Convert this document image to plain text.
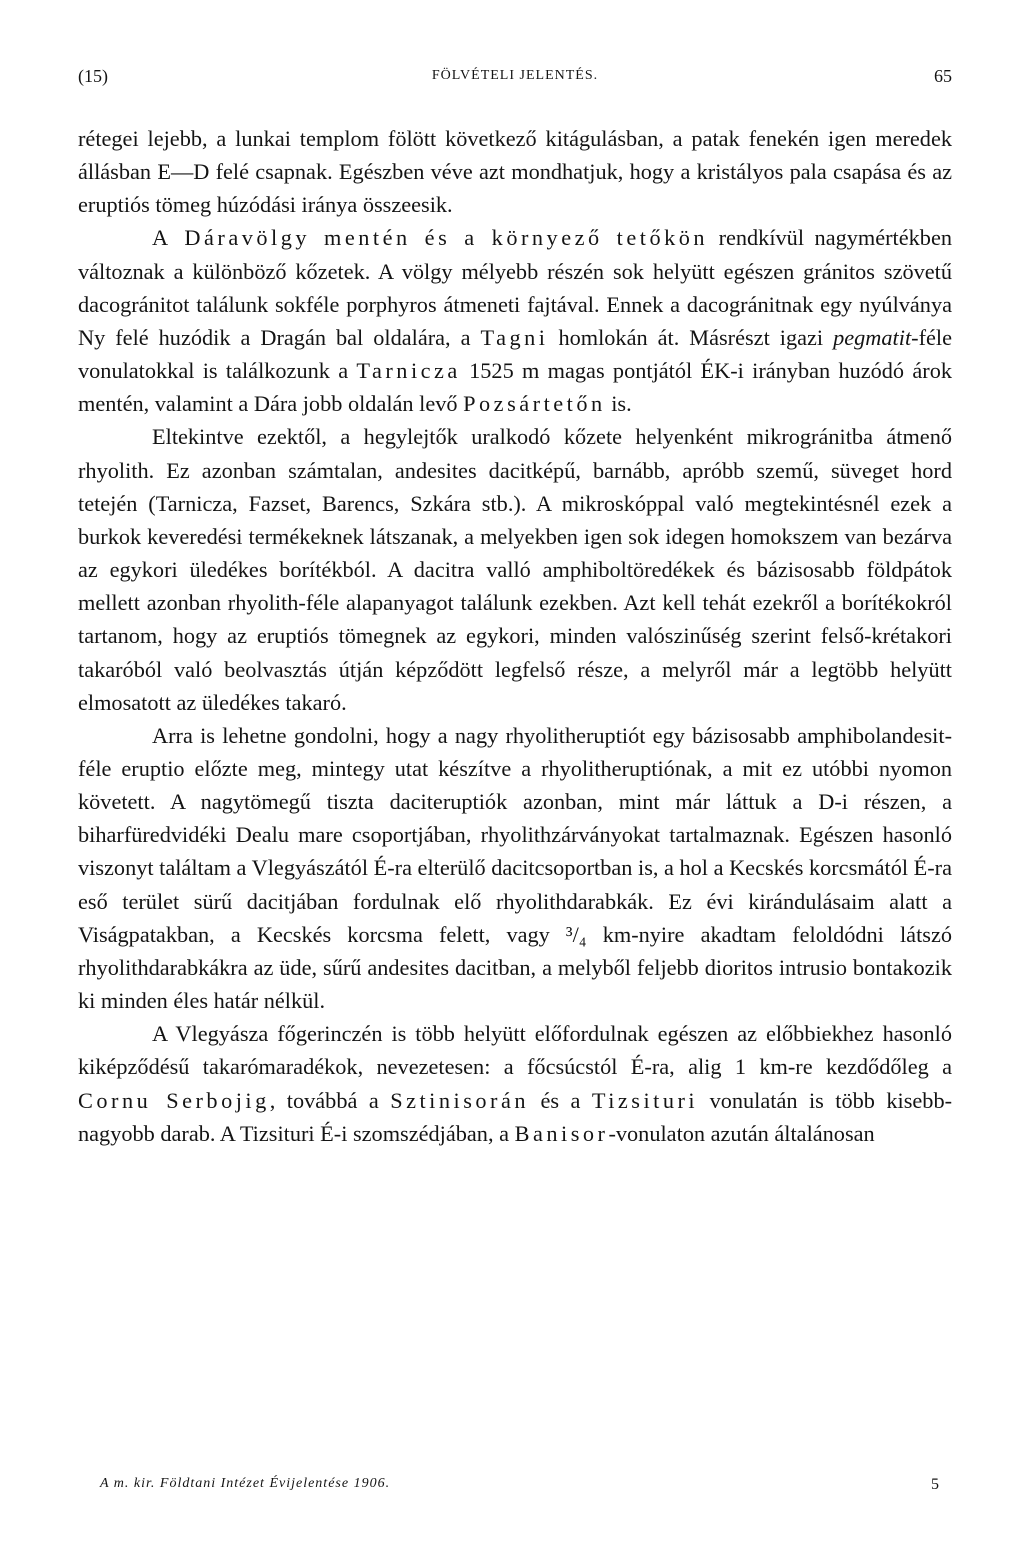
(15)	FÖLVÉTELI JELENTÉS.	65

rétegei lejebb, a lunkai templom fölött következő kitágulásban, a patak fenekén igen meredek állásban E—D felé csapnak. Egészben véve azt mondhatjuk, hogy a kristályos pala csapása és az eruptiós tömeg húzódási iránya összeesik.

A Dáravölgy mentén és a környező tetőkön rendkívül nagymértékben változnak a különböző kőzetek. A völgy mélyebb részén sok helyütt egészen gránitos szövetű dacogránitot találunk sokféle porphyros átmeneti fajtával. Ennek a dacogránitnak egy nyúlványa Ny felé huzódik a Dragán bal oldalára, a Tagni homlokán át. Másrészt igazi pegmatit-féle vonulatokkal is találkozunk a Tarnicza 1525 m magas pontjától ÉK-i irányban huzódó árok mentén, valamint a Dára jobb oldalán levő Pozsártetőn is.

Eltekintve ezektől, a hegylejtők uralkodó kőzete helyenként mikrogránitba átmenő rhyolith. Ez azonban számtalan, andesites dacitképű, barnább, apróbb szemű, süveget hord tetején (Tarnicza, Fazset, Barencs, Szkára stb.). A mikroskóppal való megtekintésnél ezek a burkok keveredési termékeknek látszanak, a melyekben igen sok idegen homokszem van bezárva az egykori üledékes borítékból. A dacitra valló amphiboltöredékek és bázisosabb földpátok mellett azonban rhyolith-féle alapanyagot találunk ezekben. Azt kell tehát ezekről a borítékokról tartanom, hogy az eruptiós tömegnek az egykori, minden valószinűség szerint felső-krétakori takaróból való beolvasztás útján képződött legfelső része, a melyről már a legtöbb helyütt elmosatott az üledékes takaró.

Arra is lehetne gondolni, hogy a nagy rhyolitheruptiót egy bázisosabb amphibolandesit-féle eruptio előzte meg, mintegy utat készítve a rhyolitheruptiónak, a mit ez utóbbi nyomon követett. A nagytömegű tiszta daciteruptiók azonban, mint már láttuk a D-i részen, a biharfüredvidéki Dealu mare csoportjában, rhyolithzárványokat tartalmaznak. Egészen hasonló viszonyt találtam a Vlegyászától É-ra elterülő dacitcsoportban is, a hol a Kecskés korcsmától É-ra eső terület sürű dacitjában fordulnak elő rhyolithdarabkák. Ez évi kirándulásaim alatt a Viságpatakban, a Kecskés korcsma felett, vagy ³/₄ km-nyire akadtam feloldódni látszó rhyolithdarabkákra az üde, sűrű andesites dacitban, a melyből feljebb dioritos intrusio bontakozik ki minden éles határ nélkül.

A Vlegyásza főgerinczén is több helyütt előfordulnak egészen az előbbiekhez hasonló kiképződésű takarómaradékok, nevezetesen: a főcsúcstól É-ra, alig 1 km-re kezdődőleg a Cornu Serbojig, továbbá a Sztinisorán és a Tizsituri vonulatán is több kisebb-nagyobb darab. A Tizsituri É-i szomszédjában, a Banisor-vonulaton azután általánosan

A m. kir. Földtani Intézet Évijelentése 1906.	5
